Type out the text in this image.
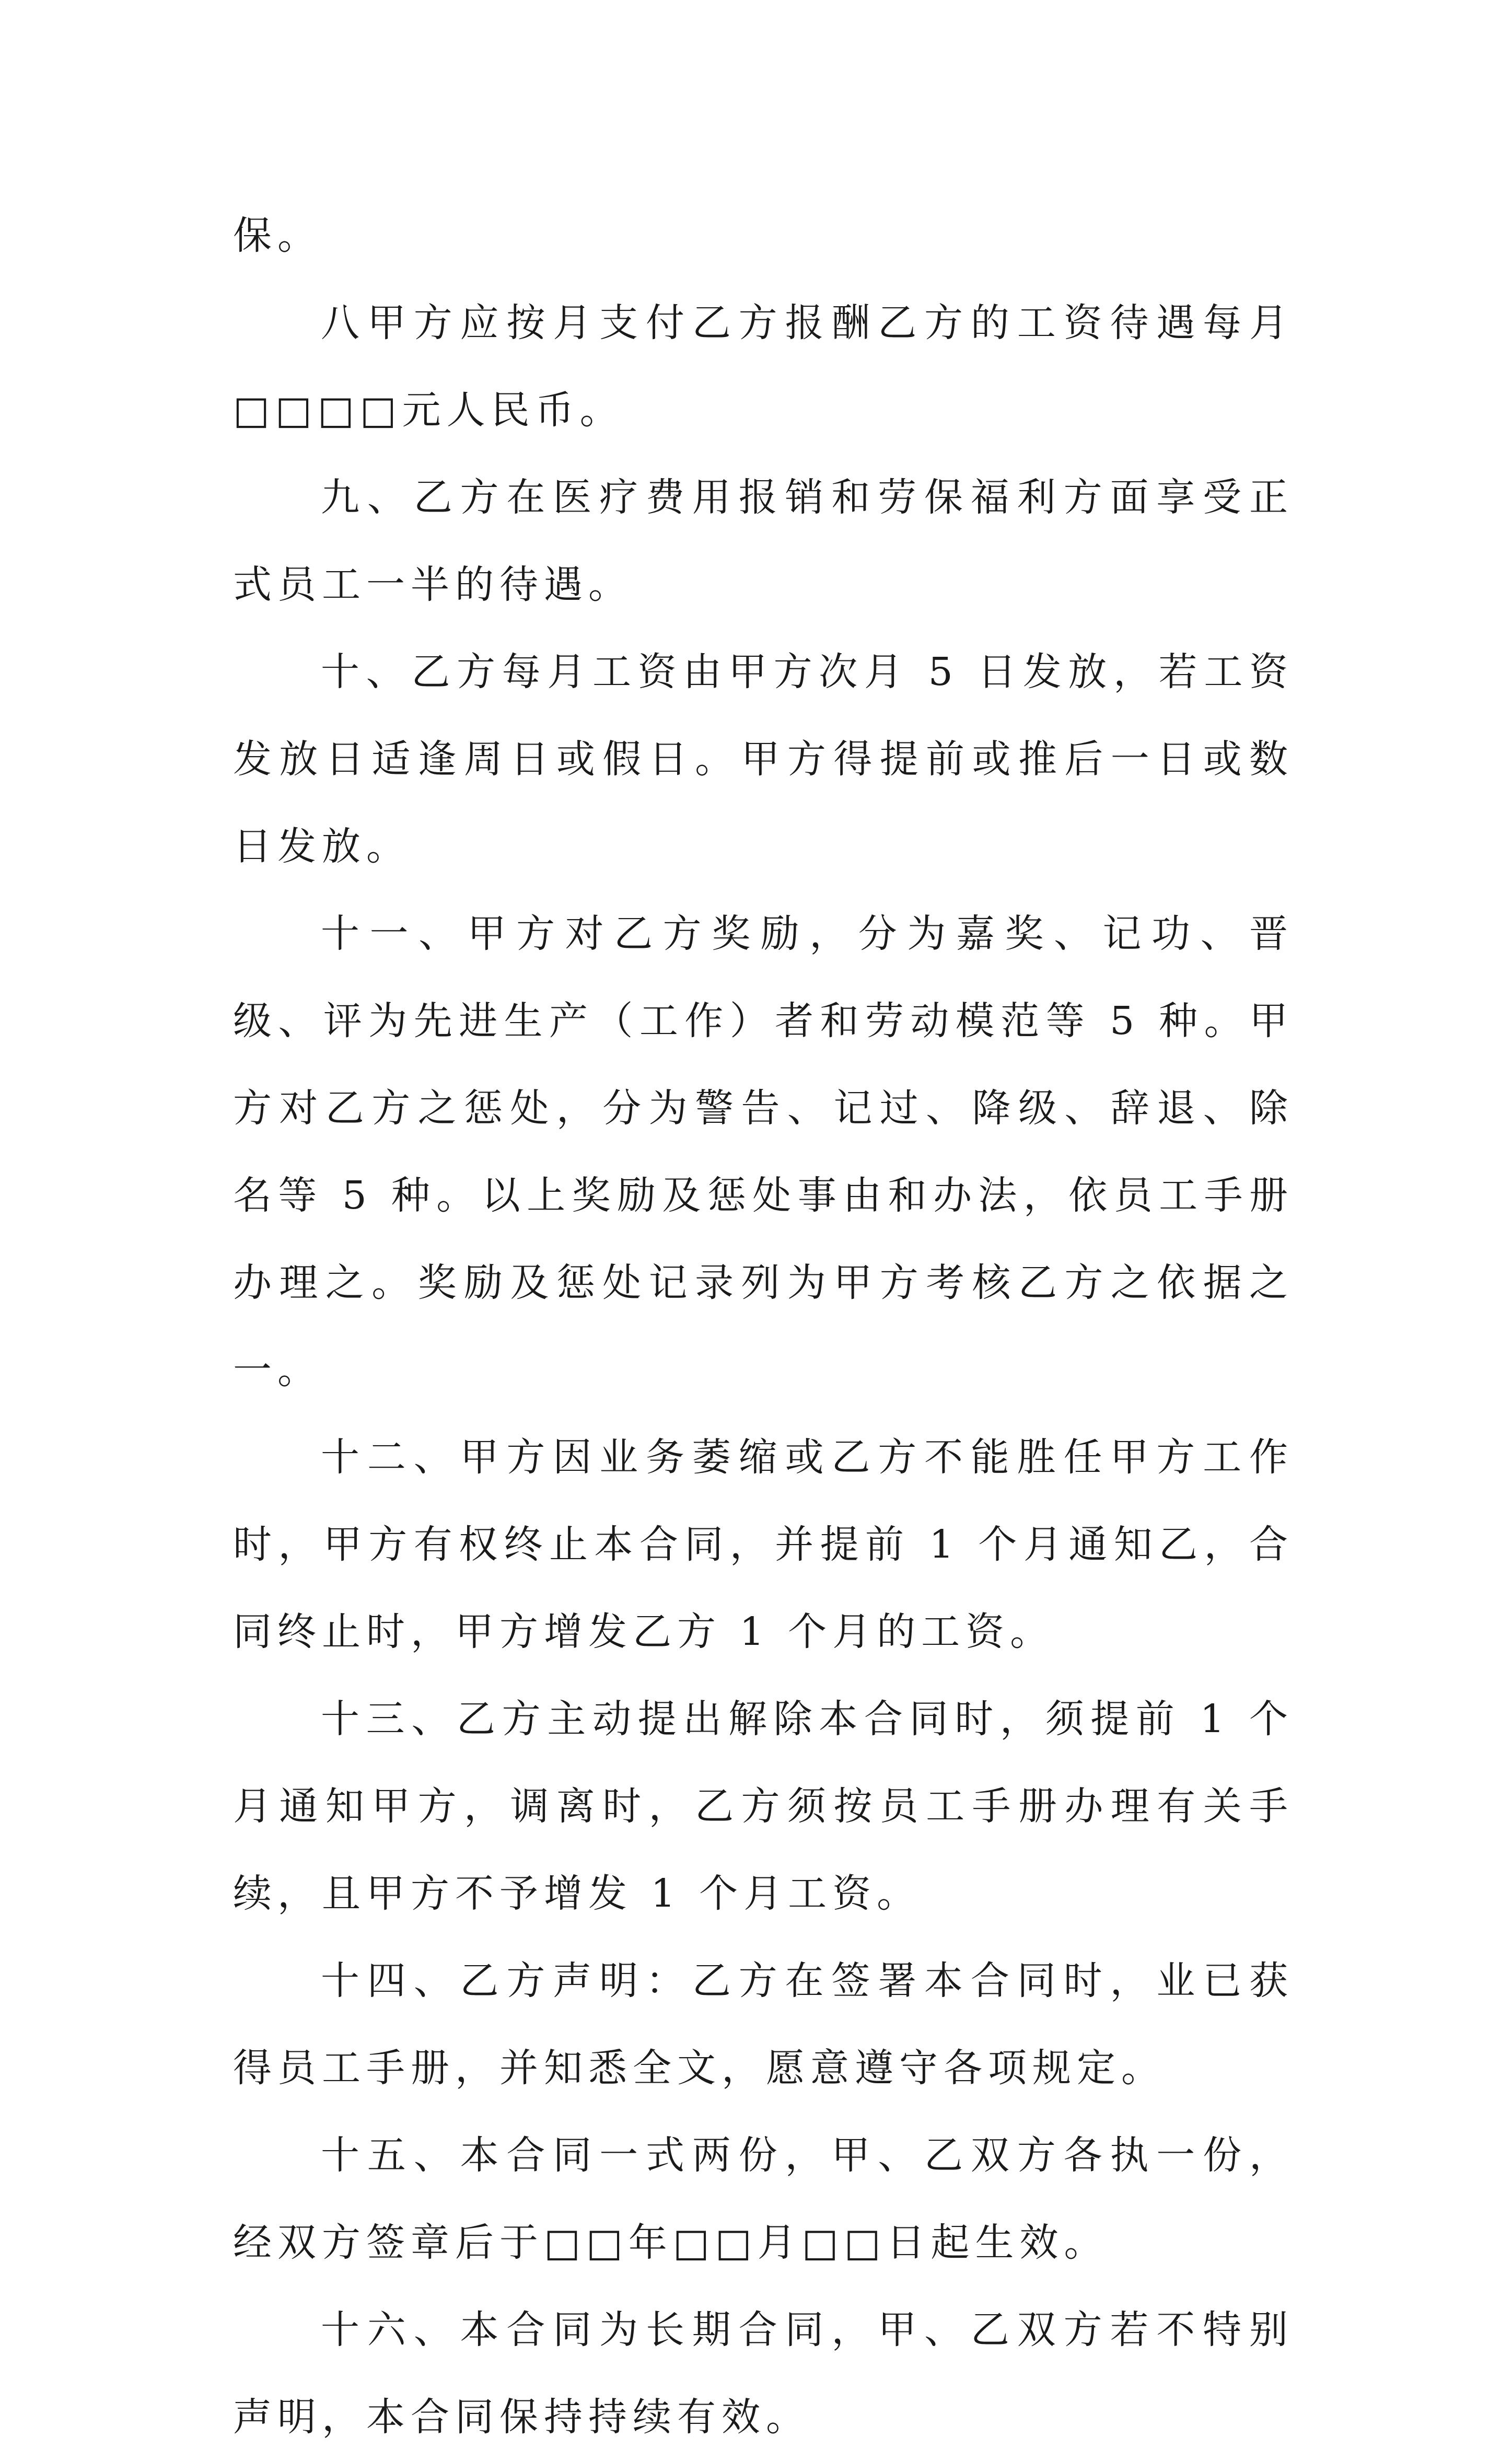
保。

八甲方应按月支付乙方报酬乙方的工资待遇每月□□□□元人民币。

九、乙方在医疗费用报销和劳保福利方面享受正式员工一半的待遇。

十、乙方每月工资由甲方次月 5 日发放，若工资发放日适逢周日或假日。甲方得提前或推后一日或数日发放。

十一、甲方对乙方奖励，分为嘉奖、记功、晋级、评为先进生产（工作）者和劳动模范等 5 种。甲方对乙方之惩处，分为警告、记过、降级、辞退、除名等 5 种。以上奖励及惩处事由和办法，依员工手册办理之。奖励及惩处记录列为甲方考核乙方之依据之一。

十二、甲方因业务萎缩或乙方不能胜任甲方工作时，甲方有权终止本合同，并提前 1 个月通知乙，合同终止时，甲方增发乙方 1 个月的工资。

十三、乙方主动提出解除本合同时，须提前 1 个月通知甲方，调离时，乙方须按员工手册办理有关手续，且甲方不予增发 1 个月工资。

十四、乙方声明：乙方在签署本合同时，业已获得员工手册，并知悉全文，愿意遵守各项规定。

十五、本合同一式两份，甲、乙双方各执一份，经双方签章后于□□年□□月□□日起生效。

十六、本合同为长期合同，甲、乙双方若不特别声明，本合同保持持续有效。
